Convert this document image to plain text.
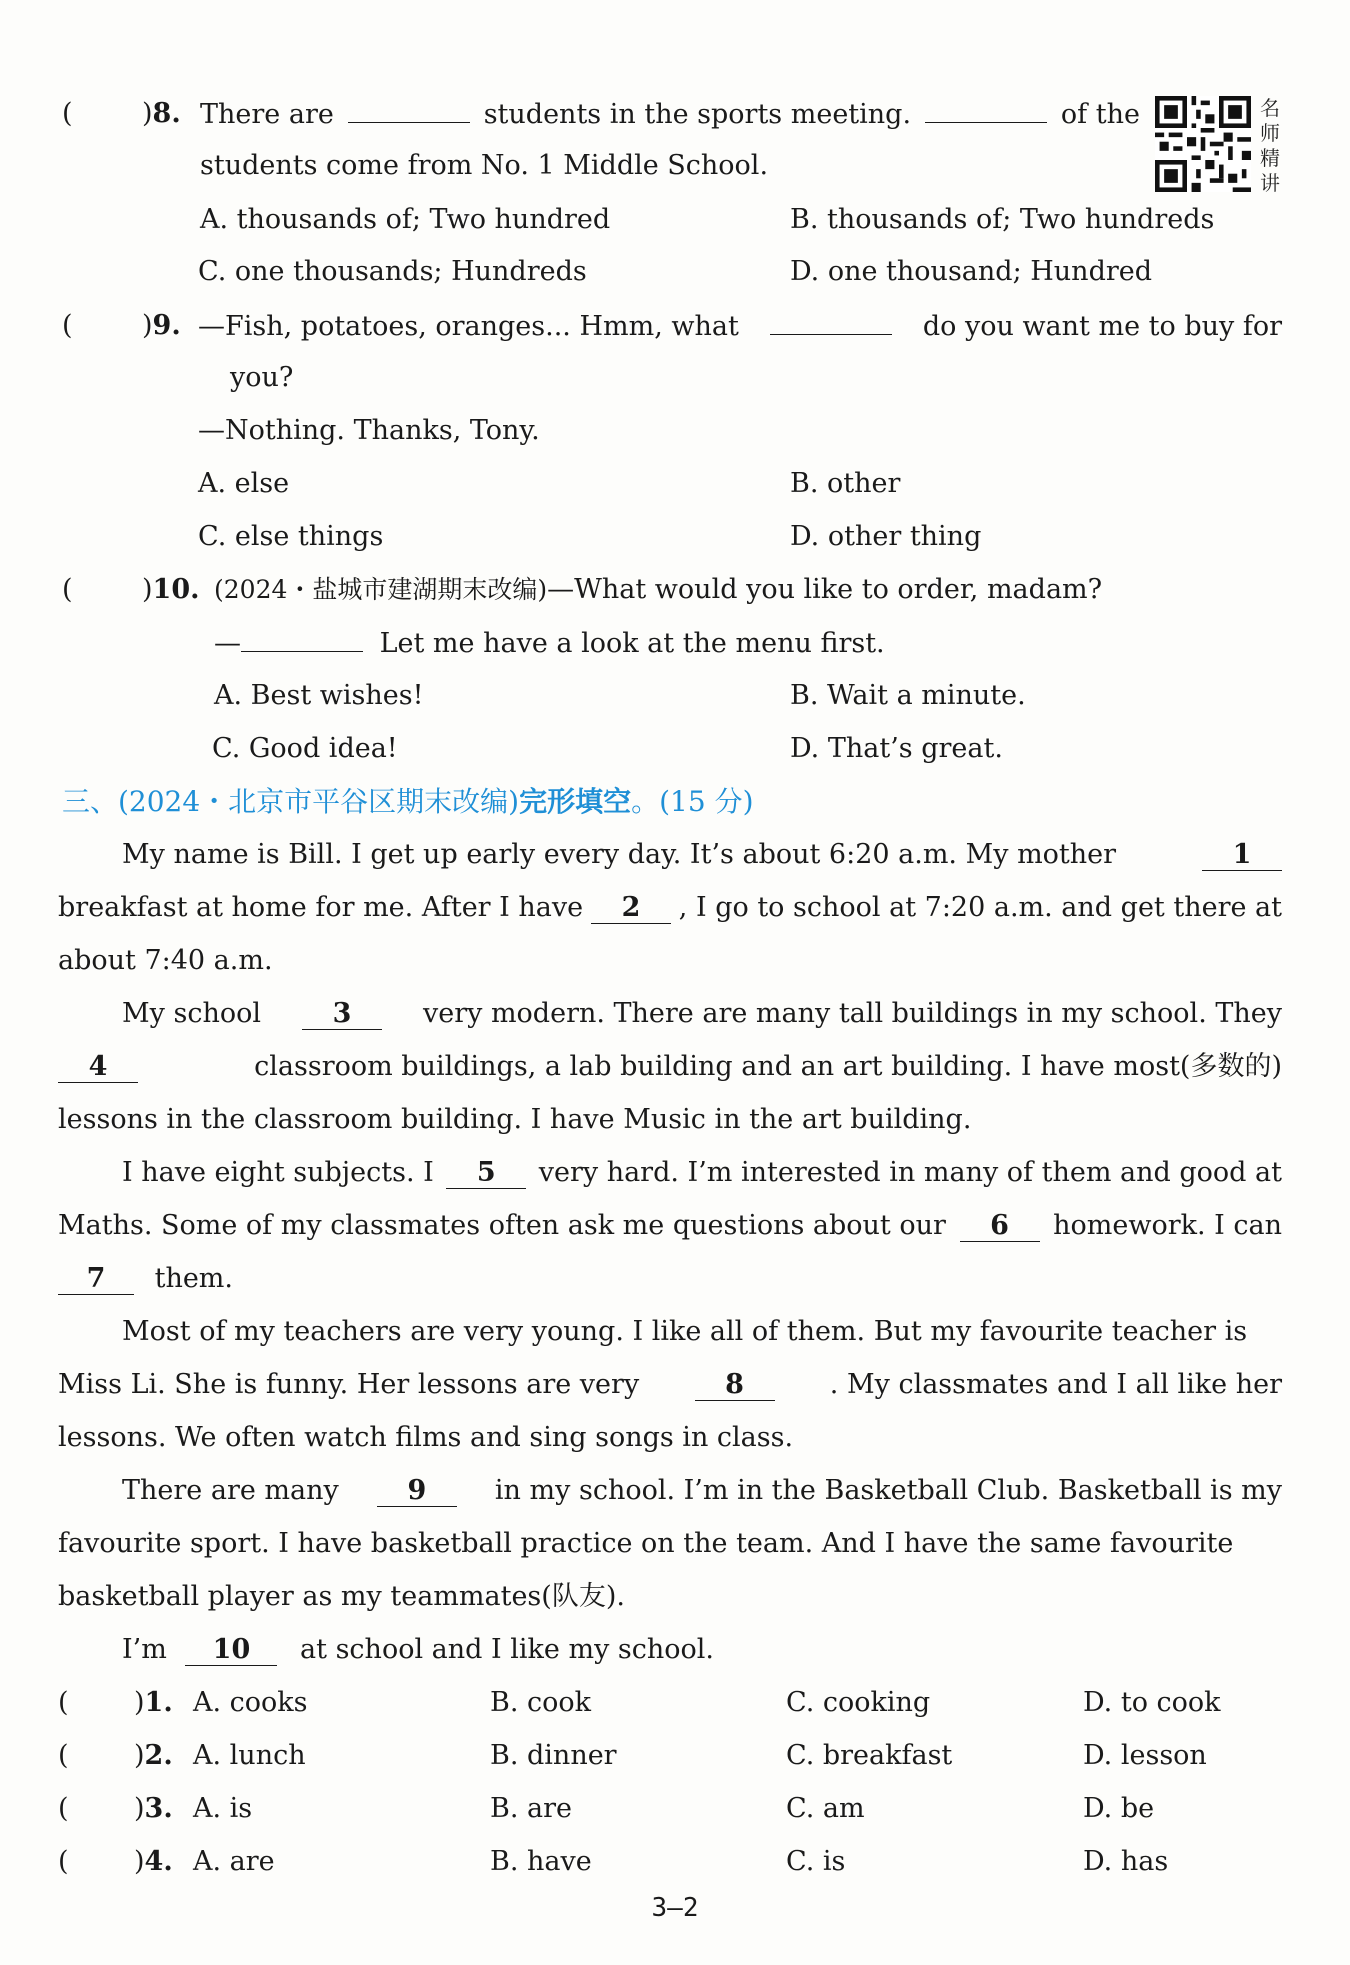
(	)8. There are	students in the sports meeting.	of the
students come from No. 1 Middle School.
A. thousands of; Two hundred	B. thousands of; Two hundreds
C. one thousands; Hundreds	D. one thousand; Hundred
名
师
精
讲
(	)9. —Fish, potatoes, oranges... Hmm, what	do you want me to buy for
you?
—Nothing. Thanks, Tony.
A. else	B. other
C. else things	D. other thing
(	)10. (2024・盐城市建湖期末改编)—What would you like to order, madam?
—	Let me have a look at the menu first.
A. Best wishes!	B. Wait a minute.
C. Good idea!	D. That’s great.
三、(2024・北京市平谷区期末改编)完形填空。(15 分)
My name is Bill. I get up early every day. It’s about 6:20 a.m. My mother	1
breakfast at home for me. After I have	2	, I go to school at 7:20 a.m. and get there at
about 7:40 a.m.
My school	3	very modern. There are many tall buildings in my school. They
4	classroom buildings, a lab building and an art building. I have most(多数的)
lessons in the classroom building. I have Music in the art building.
I have eight subjects. I	5	very hard. I’m interested in many of them and good at
Maths. Some of my classmates often ask me questions about our	6	homework. I can
7 them.
Most of my teachers are very young. I like all of them. But my favourite teacher is
Miss Li. She is funny. Her lessons are very	8	. My classmates and I all like her
lessons. We often watch films and sing songs in class.
There are many	9	in my school. I’m in the Basketball Club. Basketball is my
favourite sport. I have basketball practice on the team. And I have the same favourite
basketball player as my teammates(队友).
I’m 10 at school and I like my school.
( )1. A. cooks	B. cook	C. cooking	D. to cook
( )2. A. lunch	B. dinner	C. breakfast	D. lesson
( )3. A. is	B. are	C. am	D. be
( )4. A. are	B. have	C. is	D. has
3—2
